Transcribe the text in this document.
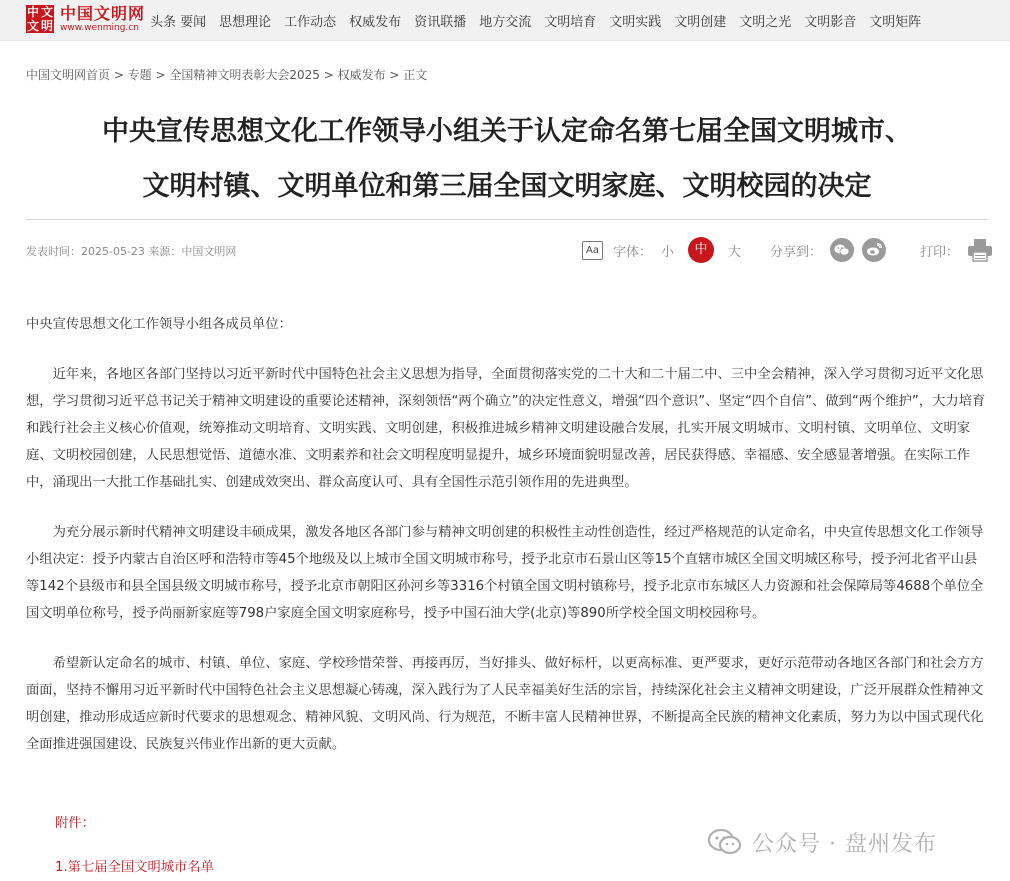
中 文
文 明
中国文明网
www.wenming.cn 头条 要闻 思想理论 工作动态 权威发布 资讯联播 地方交流 文明培育 文明实践 文明创建 文明之光 文明影音 文明矩阵
中国文明网首页 > 专题 > 全国精神文明表彰大会2025 > 权威发布 > 正文
中央宣传思想文化工作领导小组关于认定命名第七届全国文明城市、
文明村镇、文明单位和第三届全国文明家庭、文明校园的决定
发表时间：2025-05-23 来源：中国文明网	Aa	字体： 小	中	大 分享到：	打印：

中央宣传思想文化工作领导小组各成员单位：

近年来，各地区各部门坚持以习近平新时代中国特色社会主义思想为指导，全面贯彻落实党的二十大和二十届二中、三中全会精神，深入学习贯彻习近平文化思想，学习贯彻习近平总书记关于精神文明建设的重要论述精神，深刻领悟“两个确立”的决定性意义，增强“四个意识”、坚定“四个自信”、做到“两个维护”，大力培育和践行社会主义核心价值观，统筹推动文明培育、文明实践、文明创建，积极推进城乡精神文明建设融合发展，扎实开展文明城市、文明村镇、文明单位、文明家庭、文明校园创建，人民思想觉悟、道德水准、文明素养和社会文明程度明显提升，城乡环境面貌明显改善，居民获得感、幸福感、安全感显著增强。在实际工作中，涌现出一大批工作基础扎实、创建成效突出、群众高度认可、具有全国性示范引领作用的先进典型。

为充分展示新时代精神文明建设丰硕成果，激发各地区各部门参与精神文明创建的积极性主动性创造性，经过严格规范的认定命名，中央宣传思想文化工作领导小组决定：授予内蒙古自治区呼和浩特市等45个地级及以上城市全国文明城市称号，授予北京市石景山区等15个直辖市城区全国文明城区称号，授予河北省平山县等142个县级市和县全国县级文明城市称号，授予北京市朝阳区孙河乡等3316个村镇全国文明村镇称号，授予北京市东城区人力资源和社会保障局等4688个单位全国文明单位称号，授予尚丽新家庭等798户家庭全国文明家庭称号，授予中国石油大学(北京)等890所学校全国文明校园称号。

希望新认定命名的城市、村镇、单位、家庭、学校珍惜荣誉、再接再厉，当好排头、做好标杆，以更高标准、更严要求，更好示范带动各地区各部门和社会方方面面，坚持不懈用习近平新时代中国特色社会主义思想凝心铸魂，深入践行为了人民幸福美好生活的宗旨，持续深化社会主义精神文明建设，广泛开展群众性精神文明创建，推动形成适应新时代要求的思想观念、精神风貌、文明风尚、行为规范，不断丰富人民精神世界，不断提高全民族的精神文化素质，努力为以中国式现代化全面推进强国建设、民族复兴伟业作出新的更大贡献。

附件：
1.第七届全国文明城市名单
公众号 · 盘州发布
